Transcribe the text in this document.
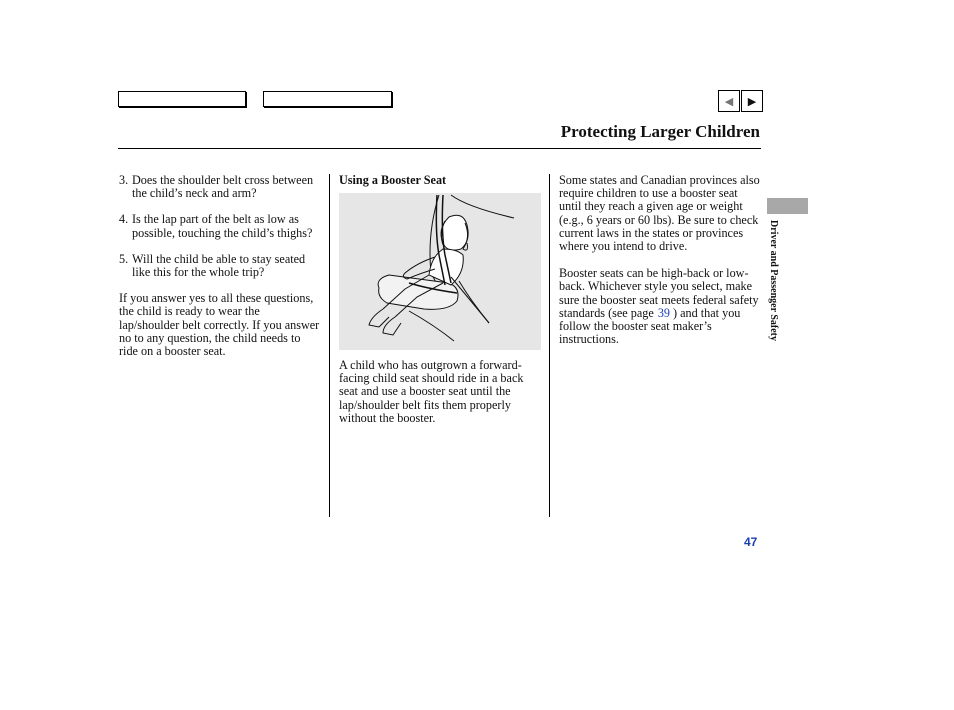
◀ ▶
Protecting Larger Children
3. Does the shoulder belt cross between the child’s neck and arm?
4. Is the lap part of the belt as low as possible, touching the child’s thighs?
5. Will the child be able to stay seated like this for the whole trip?

If you answer yes to all these questions, the child is ready to wear the lap/shoulder belt correctly. If you answer no to any question, the child needs to ride on a booster seat.

Using a Booster Seat

A child who has outgrown a forward-facing child seat should ride in a back seat and use a booster seat until the lap/shoulder belt fits them properly without the booster.

Some states and Canadian provinces also require children to use a booster seat until they reach a given age or weight (e.g., 6 years or 60 lbs). Be sure to check current laws in the states or provinces where you intend to drive.

Booster seats can be high-back or low-back. Whichever style you select, make sure the booster seat meets federal safety standards (see page 39 ) and that you follow the booster seat maker’s instructions.	Driver and Passenger Safety
47
